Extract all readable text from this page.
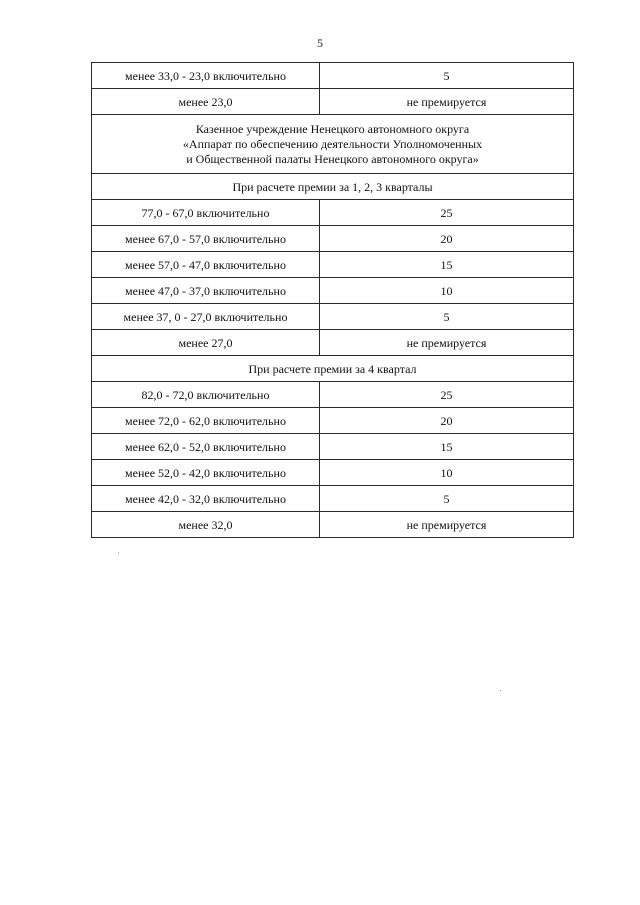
5
менее 33,0 - 23,0 включительно	5
менее 23,0	не премируется

Казенное учреждение Ненецкого автономного округа
«Аппарат по обеспечению деятельности Уполномоченных
и Общественной палаты Ненецкого автономного округа»	

При расчете премии за 1, 2, 3 кварталы	
77,0 - 67,0 включительно	25
менее 67,0 - 57,0 включительно	20
менее 57,0 - 47,0 включительно	15
менее 47,0 - 37,0 включительно	10
менее 37, 0 - 27,0 включительно	5
менее 27,0	не премируется
При расчете премии за 4 квартал	
82,0 - 72,0 включительно	25
менее 72,0 - 62,0 включительно	20
менее 62,0 - 52,0 включительно	15
менее 52,0 - 42,0 включительно	10
менее 42,0 - 32,0 включительно	5
менее 32,0	не премируется
